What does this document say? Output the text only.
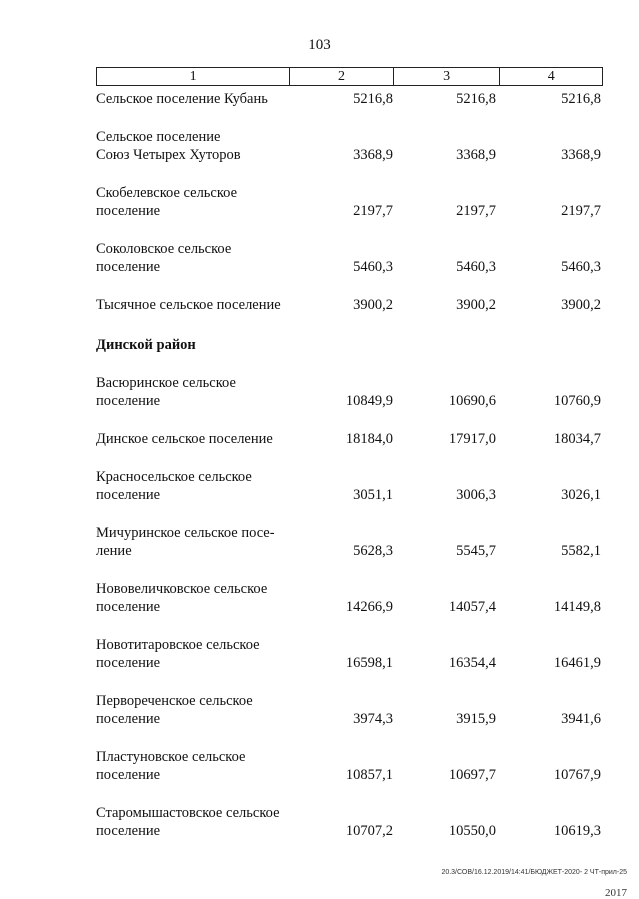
103
1	2	3	4
Сельское поселение Кубань	5216,8	5216,8	5216,8
Сельское поселение
Союз Четырех Хуторов	3368,9	3368,9	3368,9
Скобелевское сельское
поселение	2197,7	2197,7	2197,7
Соколовское сельское
поселение	5460,3	5460,3	5460,3
Тысячное сельское поселение	3900,2	3900,2	3900,2
Динской район
Васюринское сельское
поселение	10849,9	10690,6	10760,9
Динское сельское поселение	18184,0	17917,0	18034,7
Красносельское сельское
поселение	3051,1	3006,3	3026,1
Мичуринское сельское посе-
ление	5628,3	5545,7	5582,1
Нововеличковское сельское
поселение	14266,9	14057,4	14149,8
Новотитаровское сельское
поселение	16598,1	16354,4	16461,9
Первореченское сельское
поселение	3974,3	3915,9	3941,6
Пластуновское сельское
поселение	10857,1	10697,7	10767,9
Старомышастовское сельское
поселение	10707,2	10550,0	10619,3
20.3/СОВ/16.12.2019/14:41/БЮДЖЕТ-2020- 2 ЧТ-прил-25
2017
